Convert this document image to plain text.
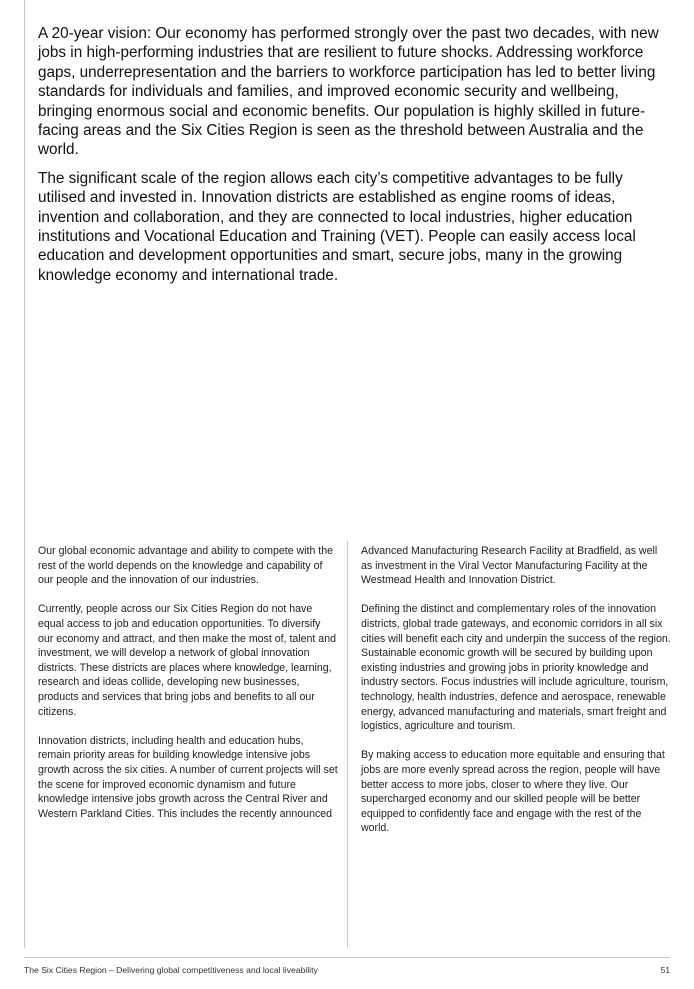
A 20-year vision: Our economy has performed strongly over the past two decades, with new jobs in high-performing industries that are resilient to future shocks. Addressing workforce gaps, underrepresentation and the barriers to workforce participation has led to better living standards for individuals and families, and improved economic security and wellbeing, bringing enormous social and economic benefits. Our population is highly skilled in future-facing areas and the Six Cities Region is seen as the threshold between Australia and the world.

The significant scale of the region allows each city’s competitive advantages to be fully utilised and invested in. Innovation districts are established as engine rooms of ideas, invention and collaboration, and they are connected to local industries, higher education institutions and Vocational Education and Training (VET). People can easily access local education and development opportunities and smart, secure jobs, many in the growing knowledge economy and international trade.

Our global economic advantage and ability to compete with the rest of the world depends on the knowledge and capability of our people and the innovation of our industries.

Currently, people across our Six Cities Region do not have equal access to job and education opportunities. To diversify our economy and attract, and then make the most of, talent and investment, we will develop a network of global innovation districts. These districts are places where knowledge, learning, research and ideas collide, developing new businesses, products and services that bring jobs and benefits to all our citizens.

Innovation districts, including health and education hubs, remain priority areas for building knowledge intensive jobs growth across the six cities. A number of current projects will set the scene for improved economic dynamism and future knowledge intensive jobs growth across the Central River and Western Parkland Cities. This includes the recently announced

Advanced Manufacturing Research Facility at Bradfield, as well as investment in the Viral Vector Manufacturing Facility at the Westmead Health and Innovation District.

Defining the distinct and complementary roles of the innovation districts, global trade gateways, and economic corridors in all six cities will benefit each city and underpin the success of the region. Sustainable economic growth will be secured by building upon existing industries and growing jobs in priority knowledge and industry sectors. Focus industries will include agriculture, tourism, technology, health industries, defence and aerospace, renewable energy, advanced manufacturing and materials, smart freight and logistics, agriculture and tourism.

By making access to education more equitable and ensuring that jobs are more evenly spread across the region, people will have better access to more jobs, closer to where they live. Our supercharged economy and our skilled people will be better equipped to confidently face and engage with the rest of the world.

The Six Cities Region – Delivering global competitiveness and local liveability	51
